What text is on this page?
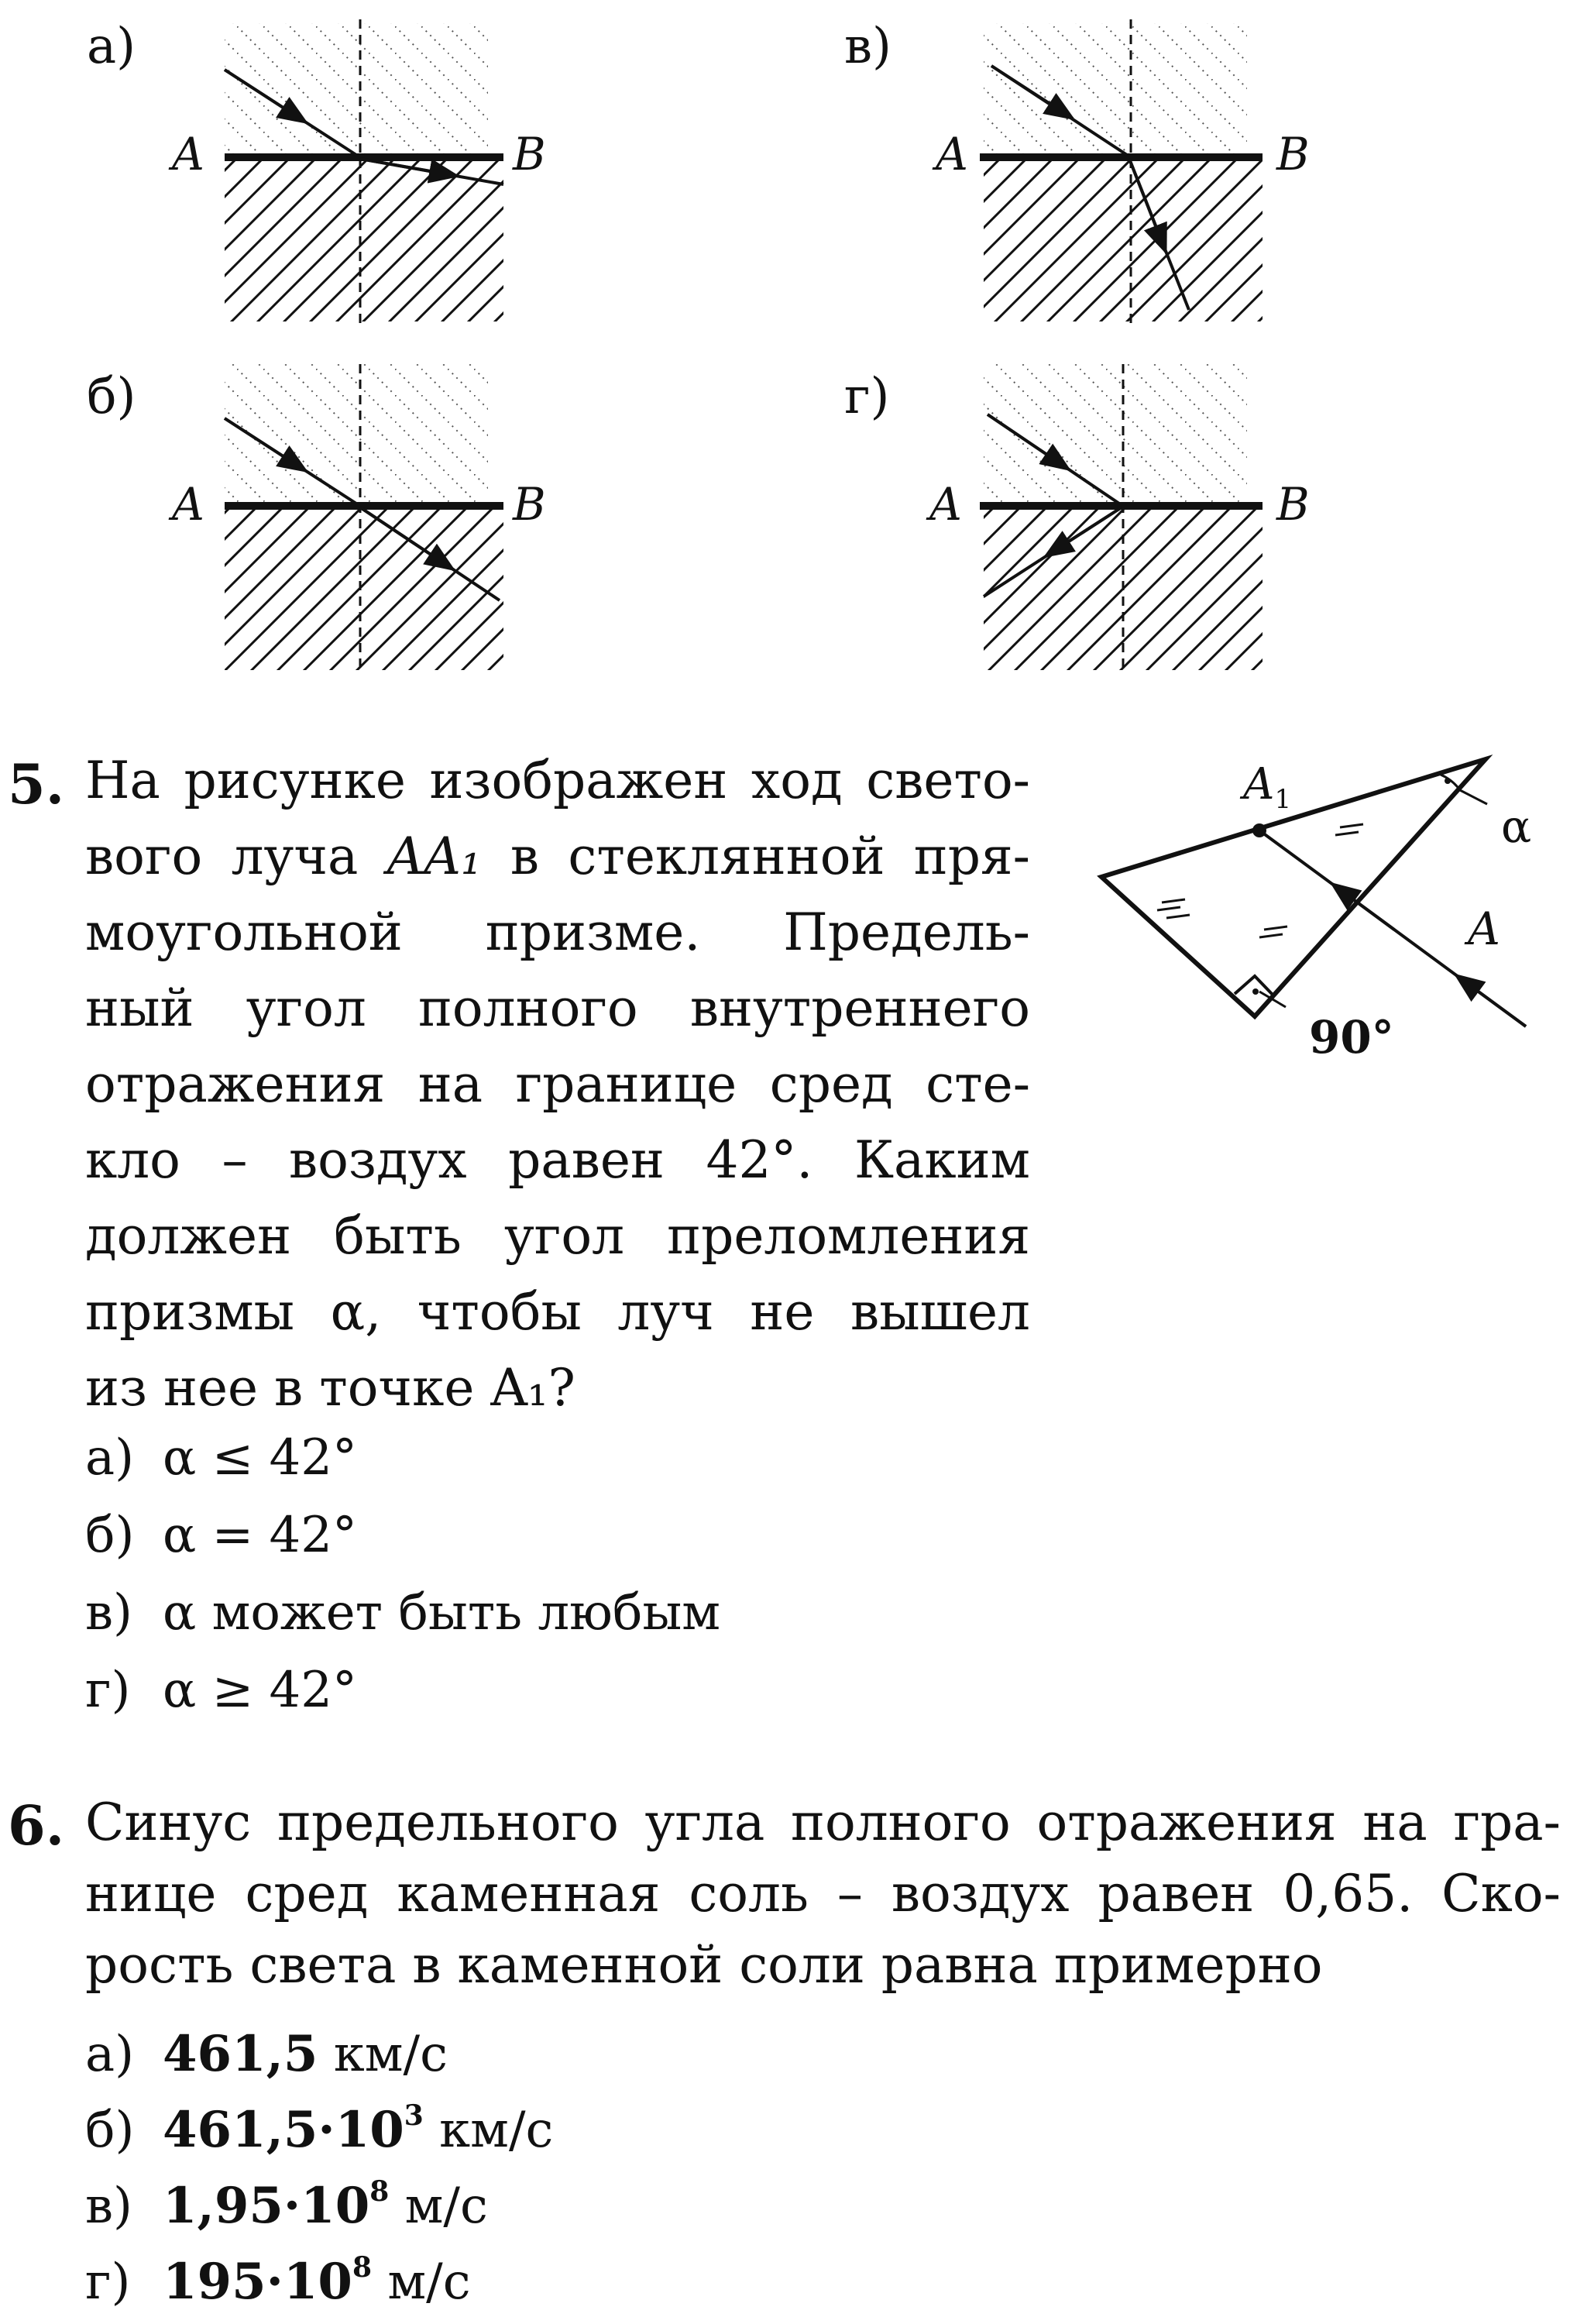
а)
A	B
в)
A	B
б)
A	B
г)
A	B
5. На рисунке изображен ход свето-
вого луча AA₁ в стеклянной пря-
моугольной призме. Предель-
ный угол полного внутреннего
отражения на границе сред сте-
кло – воздух равен 42°. Каким
должен быть угол преломления
призмы α, чтобы луч не вышел
из нее в точке A₁?
$A_1$
α
A
90°
а) α ≤ 42°
б) α = 42°
в) α может быть любым
г) α ≥ 42°
6. Синус предельного угла полного отражения на гра-
нице сред каменная соль – воздух равен 0,65. Ско-
рость света в каменной соли равна примерно
а) 461,5 км/с
б) $461,5\cdot 10^3$ км/с
в) $1,95\cdot 10^8$ м/с
г) $195\cdot 10^8$ м/с
